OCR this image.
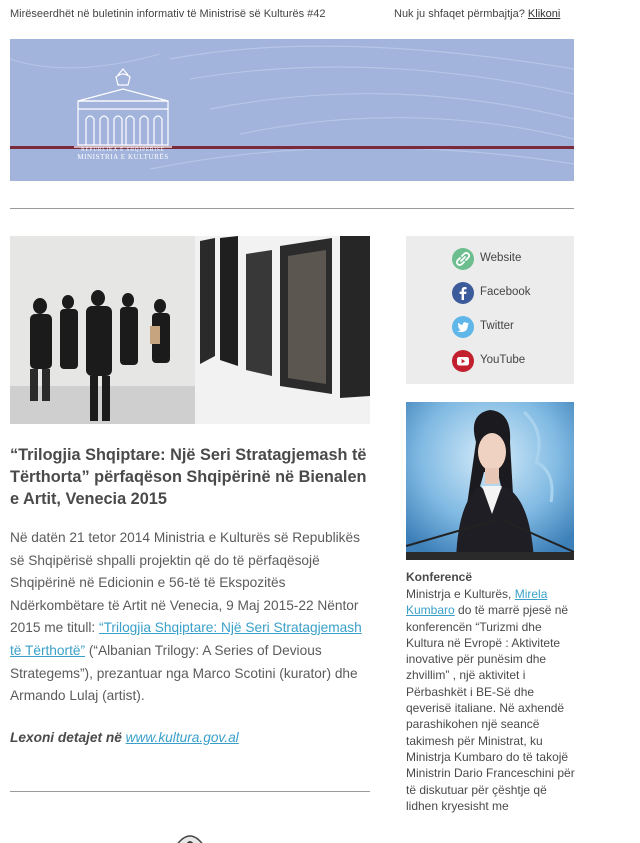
Mirëseerdhët në buletinin informativ të Ministrisë së Kulturës #42	Nuk ju shfaqet përmbajtja? Klikoni
REPUBLIKA E SHQIPËRISË
MINISTRIA E KULTURËS
“Trilogjia Shqiptare: Një Seri Stratagjemash të Tërthorta” përfaqëson Shqipërinë në Bienalen e Artit, Venecia 2015
Në datën 21 tetor 2014 Ministria e Kulturës së Republikës së Shqipërisë shpalli projektin që do të përfaqësojë Shqipërinë në Edicionin e 56-të të Ekspozitës Ndërkombëtare të Artit në Venecia, 9 Maj 2015-22 Nëntor 2015 me titull: “Trilogjia Shqiptare: Një Seri Stratagjemash të Tërthortë” (“Albanian Trilogy: A Series of Devious Strategems”), prezantuar nga Marco Scotini (kurator) dhe Armando Lulaj (artist).
Lexoni detajet në www.kultura.gov.al
Website
Facebook
Twitter
YouTube
Konferencë
Ministrja e Kulturës, Mirela Kumbaro do të marrë pjesë në konferencën “Turizmi dhe Kultura në Evropë : Aktivitete inovative për punësim dhe zhvillim” , një aktivitet i Përbashkët i BE-Së dhe qeverisë italiane. Në axhendë parashikohen një seancë takimesh për Ministrat, ku Ministrja Kumbaro do të takojë Ministrin Dario Franceschini për të diskutuar për çështje që lidhen kryesisht me
